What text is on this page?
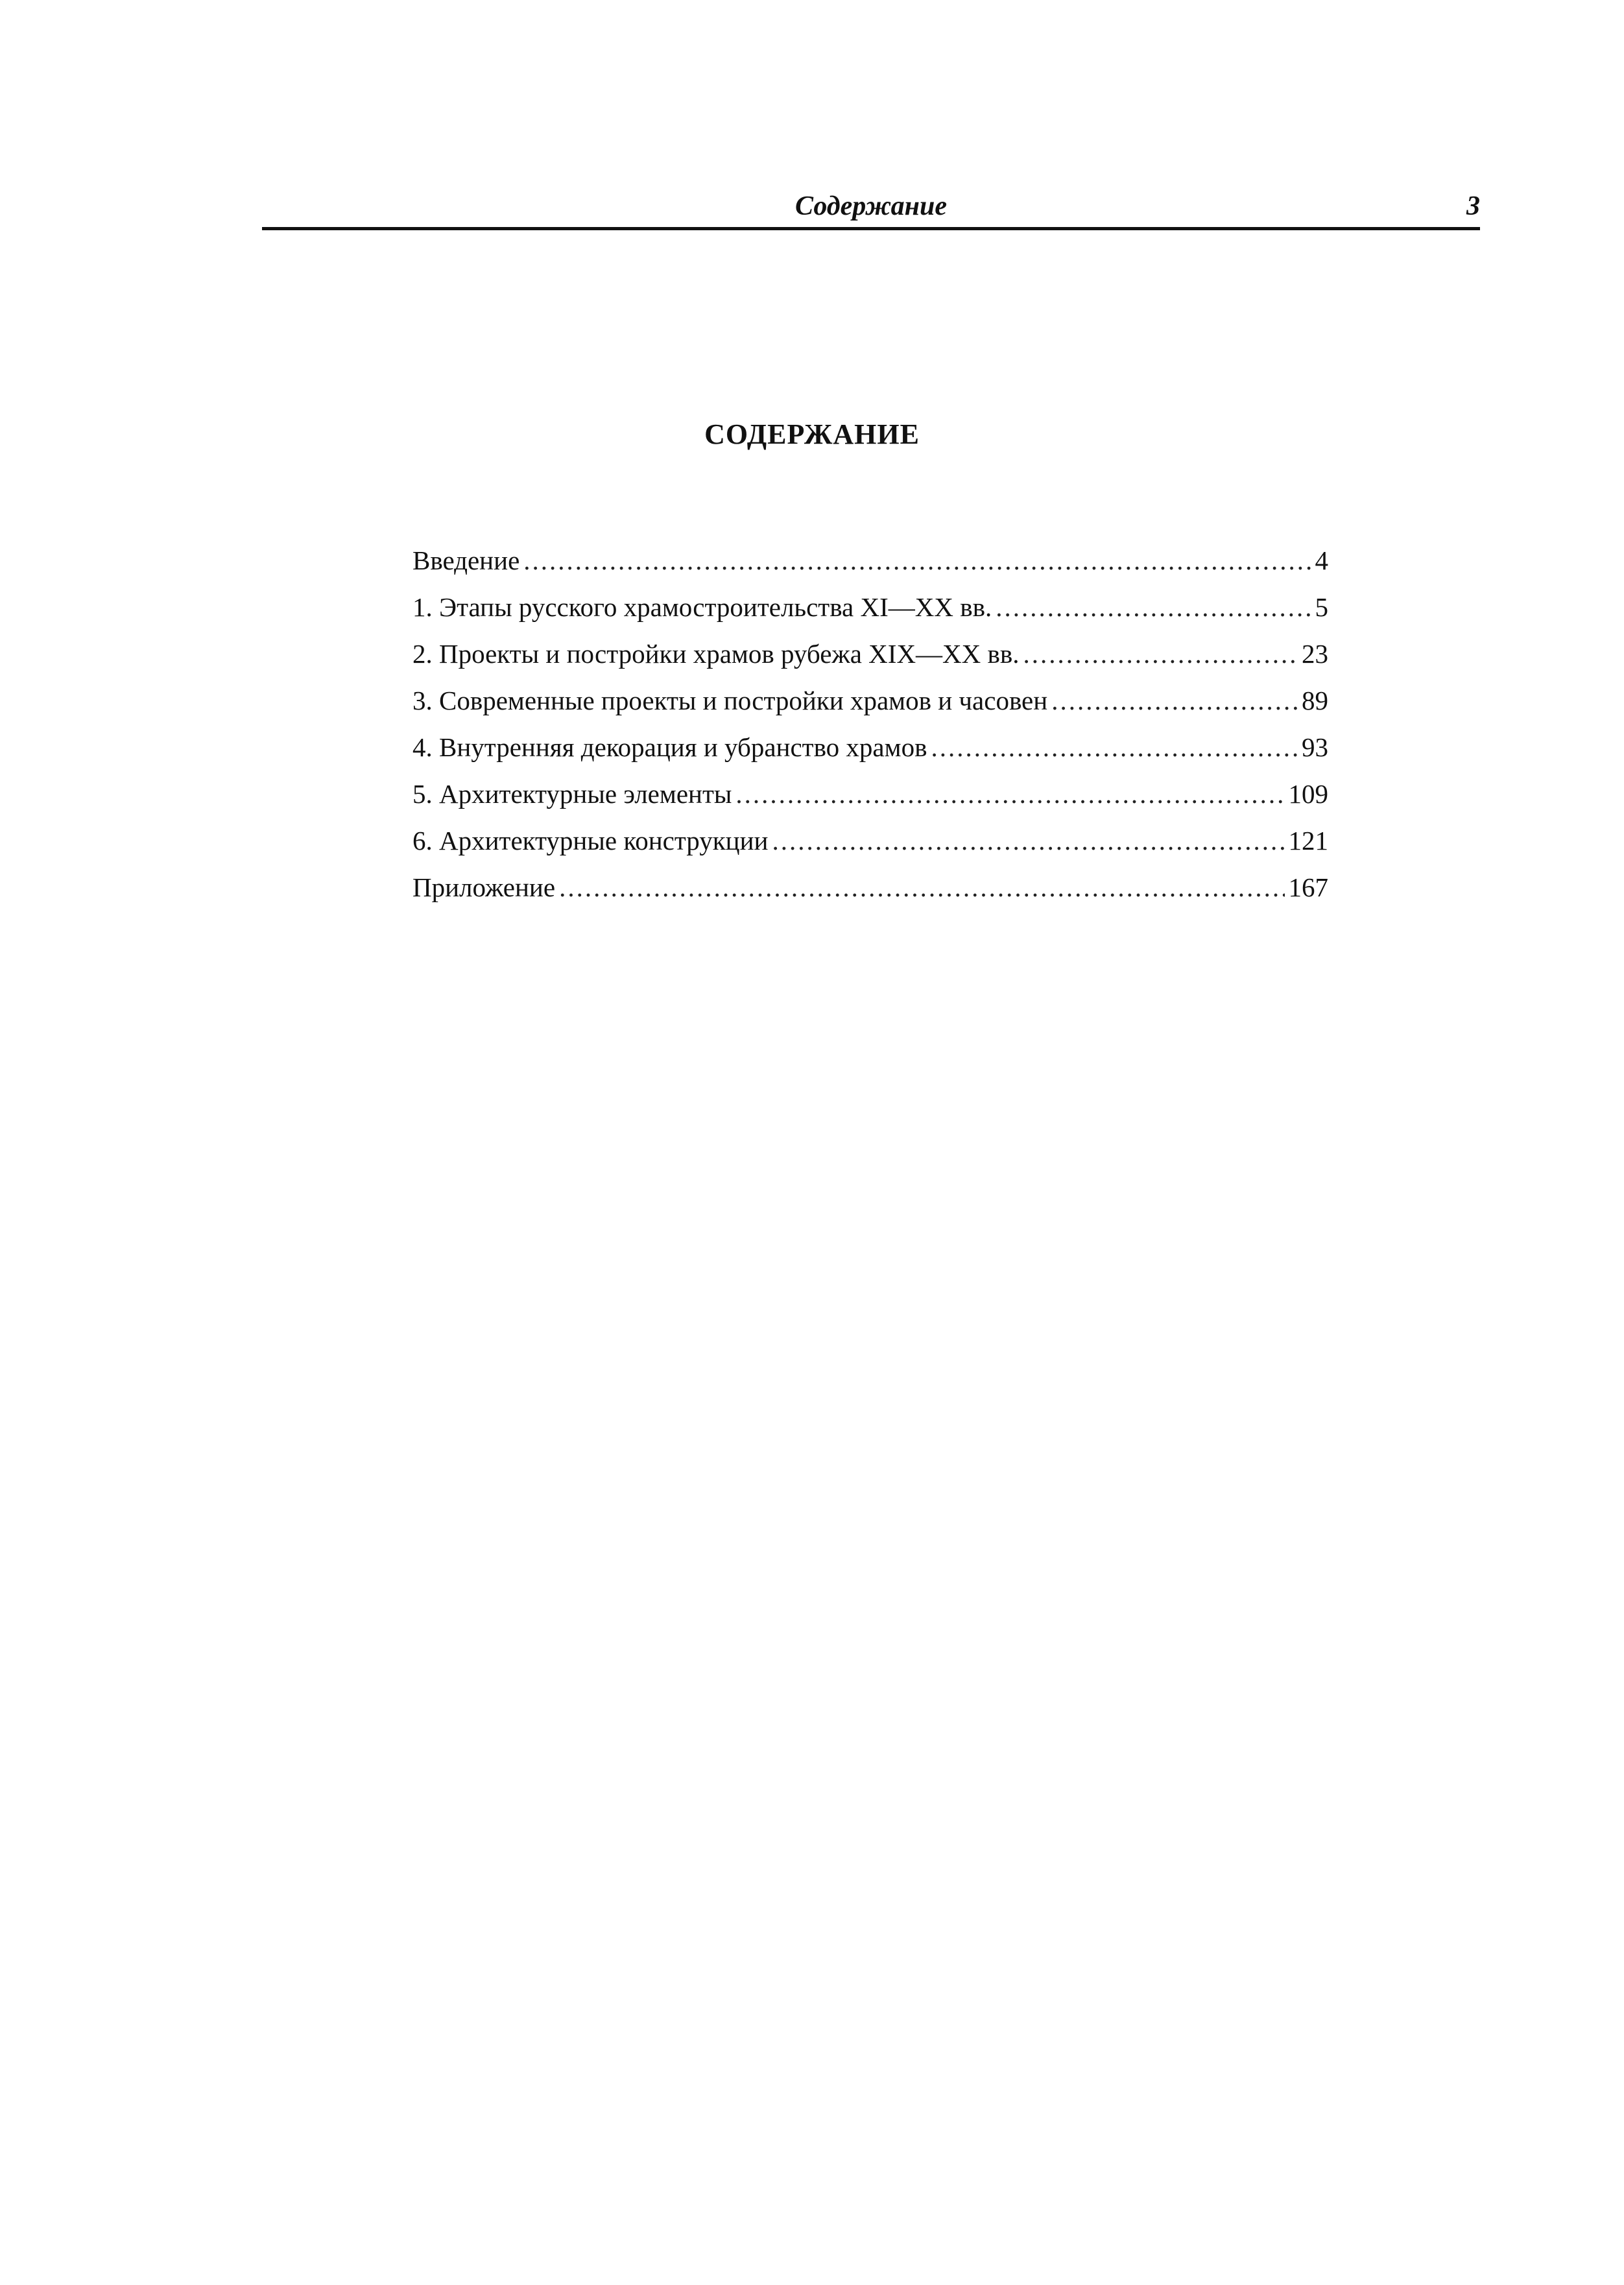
Содержание	3
СОДЕРЖАНИЕ
Введение .....	4
1. Этапы русского храмостроительства XI—XX вв. .....	5
2. Проекты и постройки храмов рубежа XIX—XX вв. .....	23
3. Современные проекты и постройки храмов и часовен .....	89
4. Внутренняя декорация и убранство храмов .....	93
5. Архитектурные элементы .....	109
6. Архитектурные конструкции .....	121
Приложение .....	167
